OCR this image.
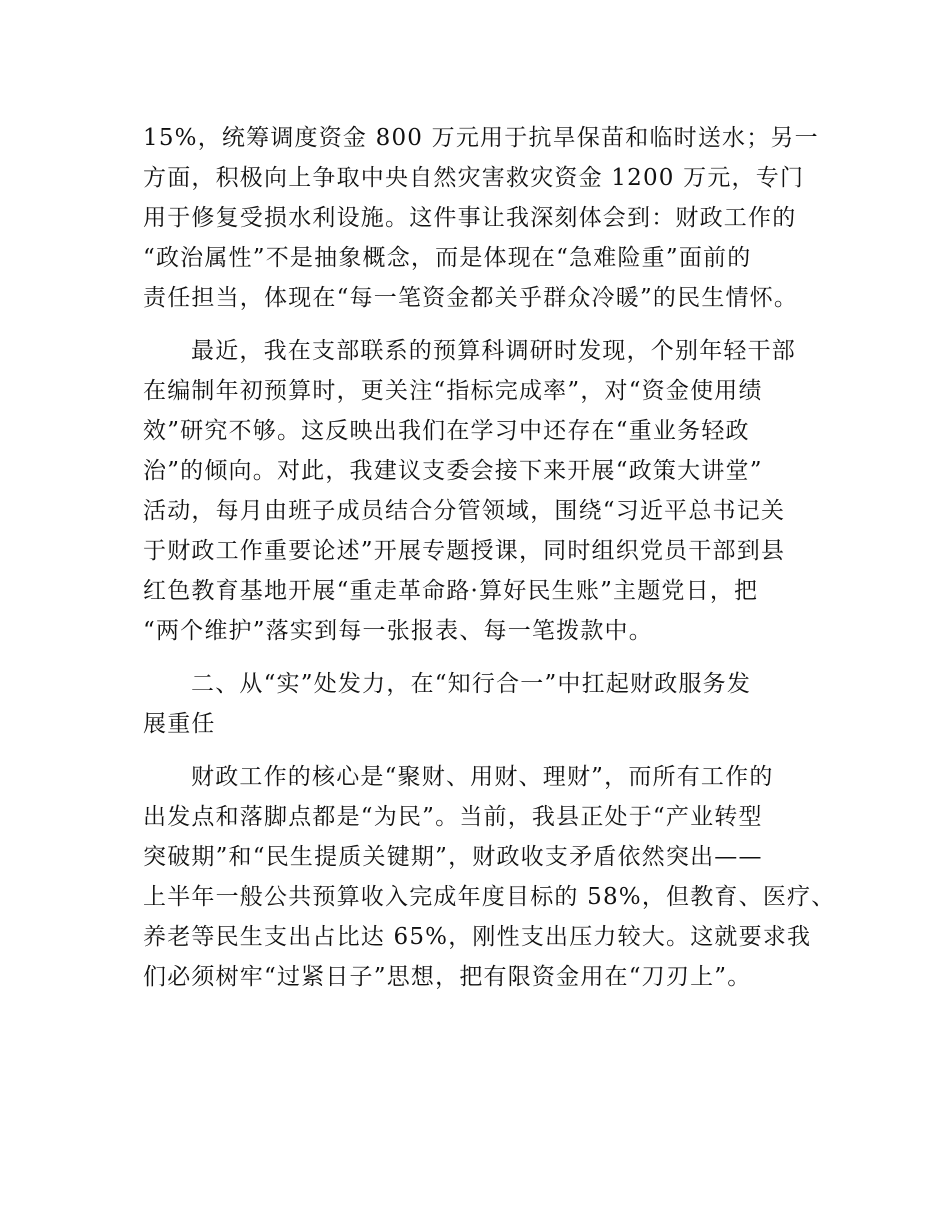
15%，统筹调度资金 800 万元用于抗旱保苗和临时送水；另一
方面，积极向上争取中央自然灾害救灾资金 1200 万元，专门
用于修复受损水利设施。这件事让我深刻体会到：财政工作的
“政治属性”不是抽象概念，而是体现在“急难险重”面前的
责任担当，体现在“每一笔资金都关乎群众冷暖”的民生情怀。
最近，我在支部联系的预算科调研时发现，个别年轻干部
在编制年初预算时，更关注“指标完成率”，对“资金使用绩
效”研究不够。这反映出我们在学习中还存在“重业务轻政
治”的倾向。对此，我建议支委会接下来开展“政策大讲堂”
活动，每月由班子成员结合分管领域，围绕“习近平总书记关
于财政工作重要论述”开展专题授课，同时组织党员干部到县
红色教育基地开展“重走革命路·算好民生账”主题党日，把
“两个维护”落实到每一张报表、每一笔拨款中。
二、从“实”处发力，在“知行合一”中扛起财政服务发
展重任
财政工作的核心是“聚财、用财、理财”，而所有工作的
出发点和落脚点都是“为民”。当前，我县正处于“产业转型
突破期”和“民生提质关键期”，财政收支矛盾依然突出——
上半年一般公共预算收入完成年度目标的 58%，但教育、医疗、
养老等民生支出占比达 65%，刚性支出压力较大。这就要求我
们必须树牢“过紧日子”思想，把有限资金用在“刀刃上”。
